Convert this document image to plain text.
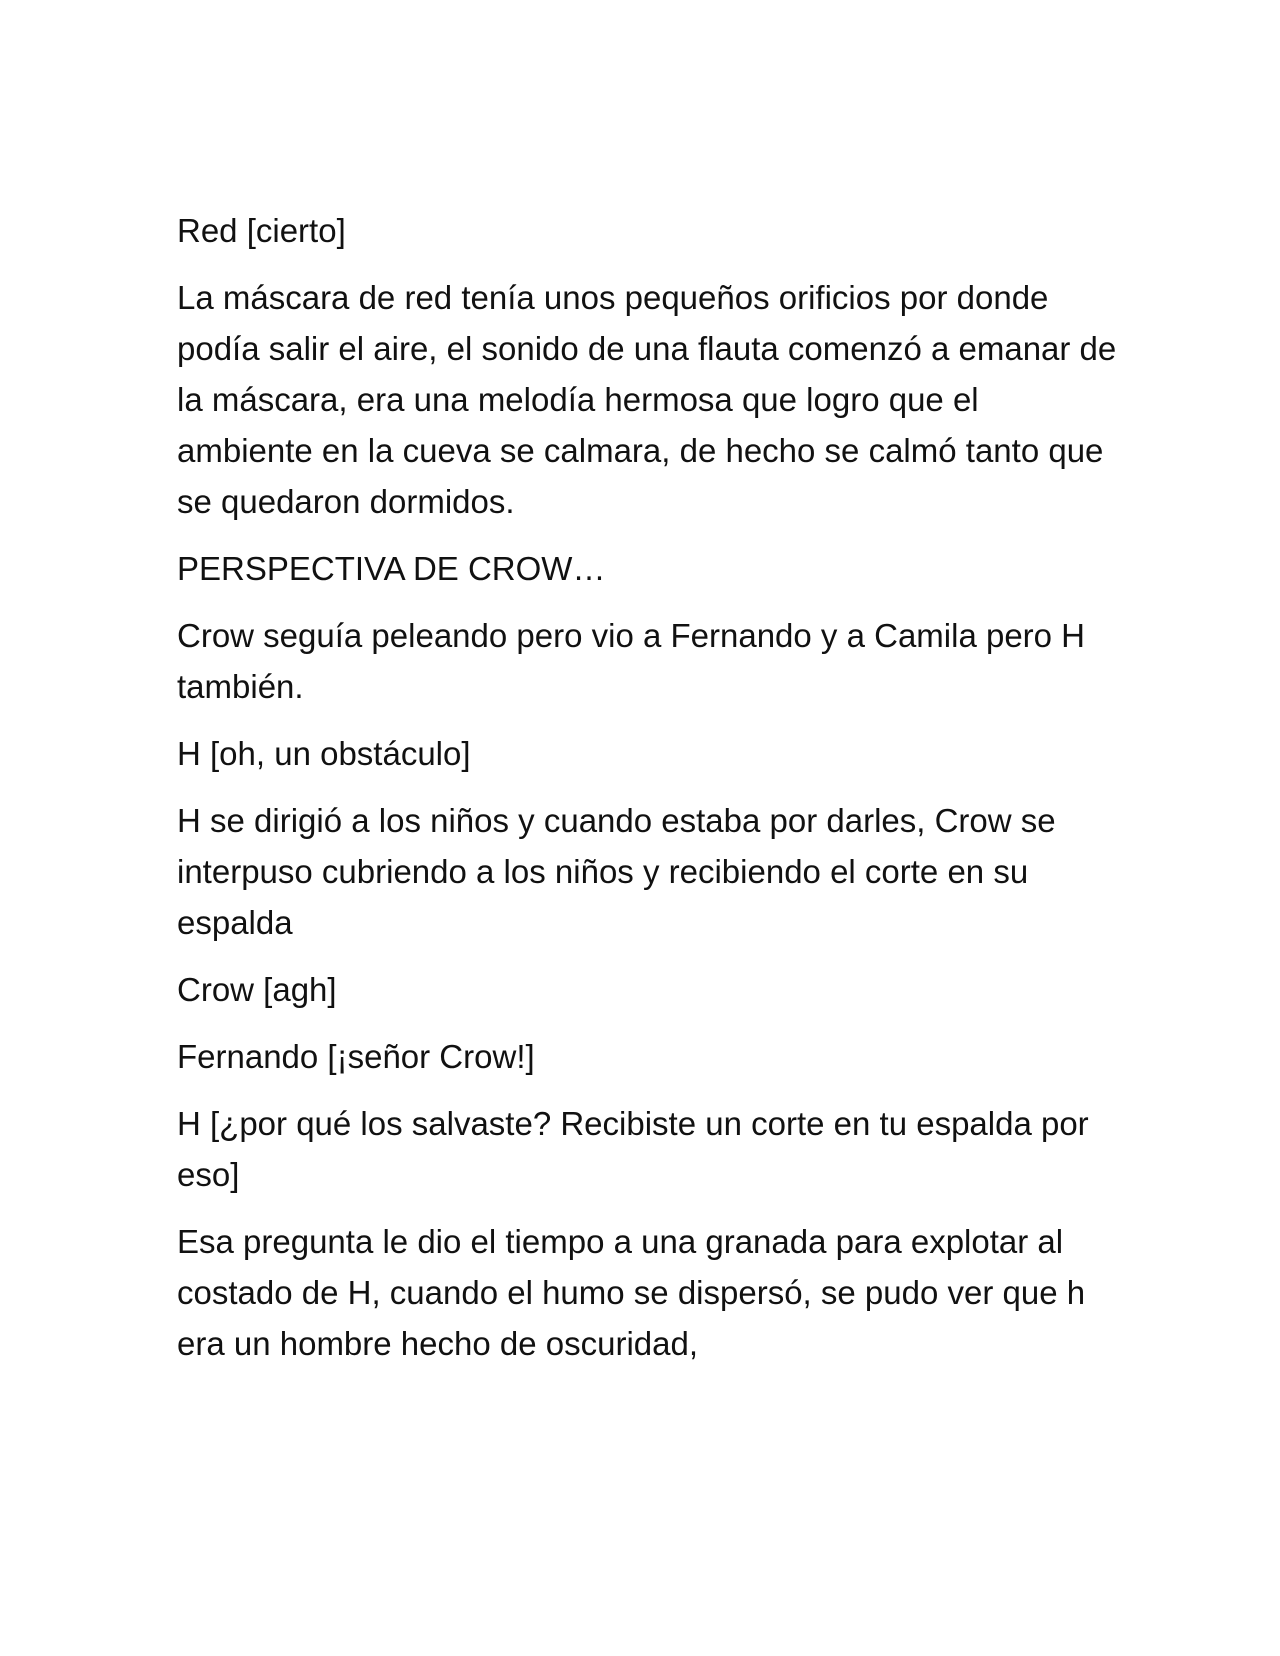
Red [cierto]

La máscara de red tenía unos pequeños orificios por donde podía salir el aire, el sonido de una flauta comenzó a emanar de la máscara, era una melodía hermosa que logro que el ambiente en la cueva se calmara, de hecho se calmó tanto que se quedaron dormidos.

PERSPECTIVA DE CROW…

Crow seguía peleando pero vio a Fernando y a Camila pero H también.

H [oh, un obstáculo]

H se dirigió a los niños y cuando estaba por darles, Crow se interpuso cubriendo a los niños y recibiendo el corte en su espalda

Crow [agh]

Fernando [¡señor Crow!]

H [¿por qué los salvaste? Recibiste un corte en tu espalda por eso]

Esa pregunta le dio el tiempo a una granada para explotar al costado de H, cuando el humo se dispersó, se pudo ver que h era un hombre hecho de oscuridad,
